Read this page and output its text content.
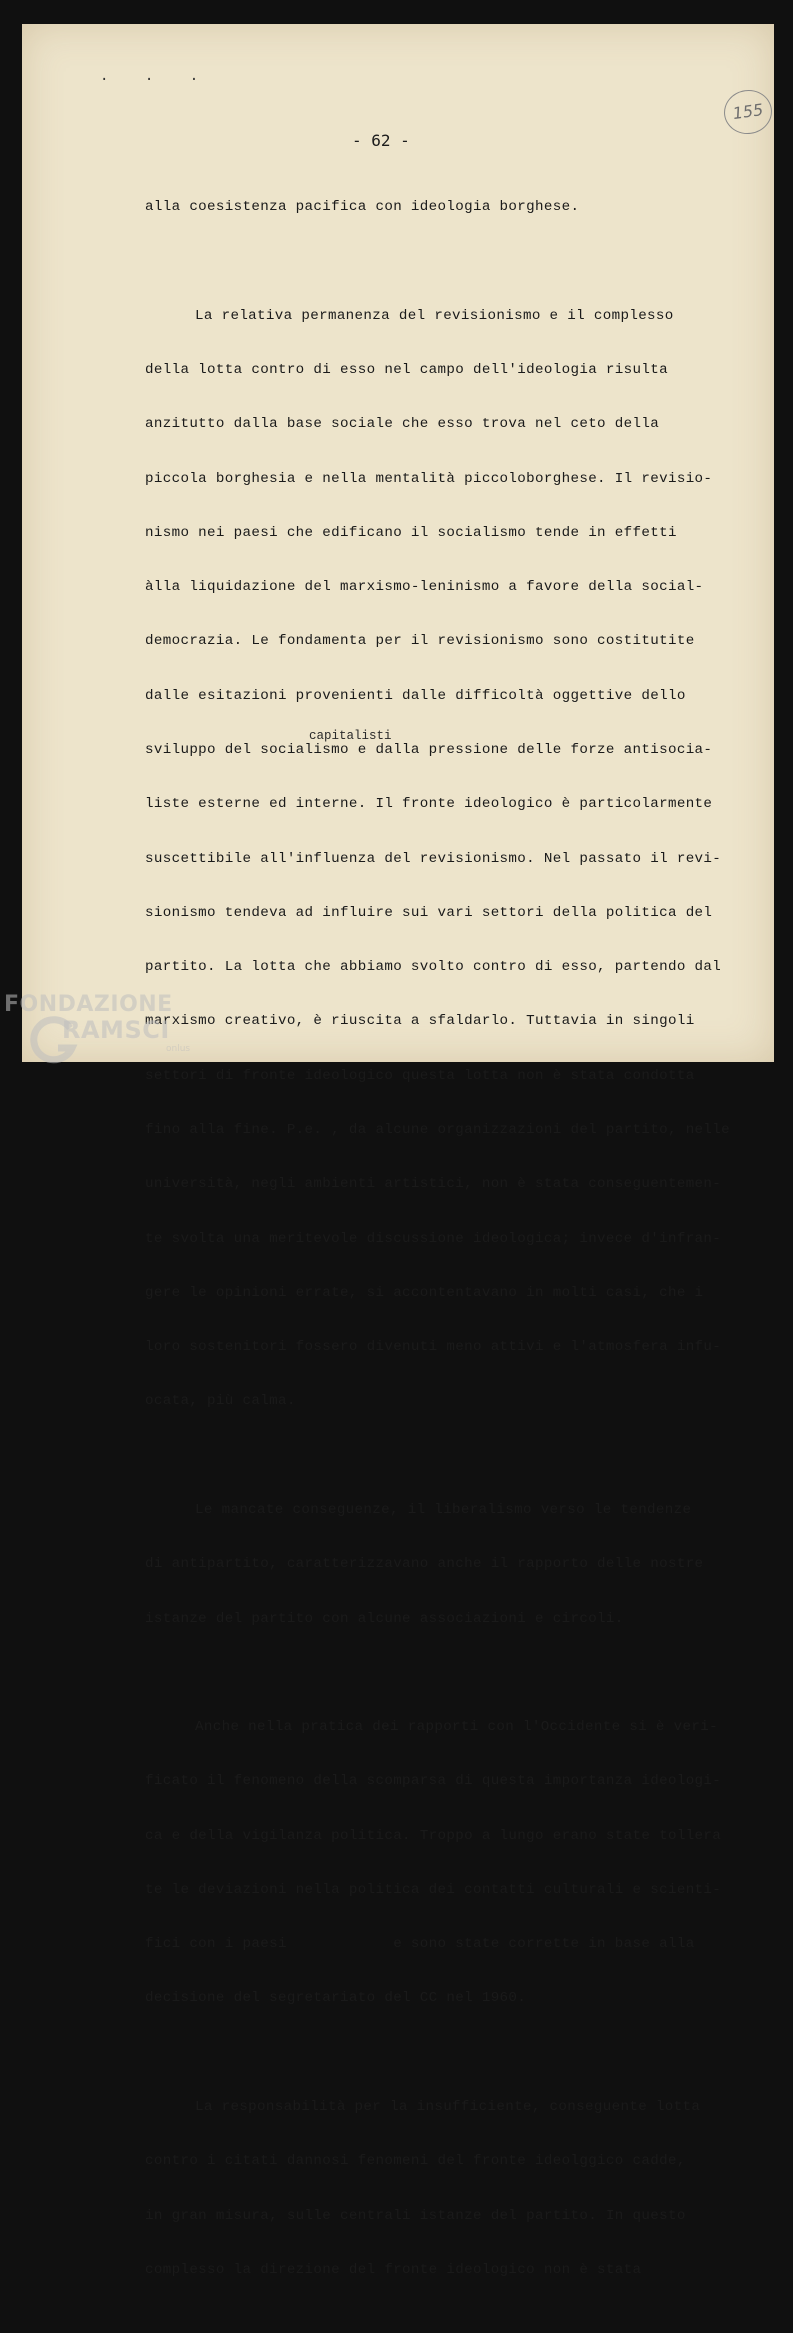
. . .
155
- 62 -

alla coesistenza pacifica con ideologia borghese.

La relativa permanenza del revisionismo e il complesso

della lotta contro di esso nel campo dell'ideologia risulta

anzitutto dalla base sociale che esso trova nel ceto della

piccola borghesia e nella mentalità piccoloborghese. Il revisio-

nismo nei paesi che edificano il socialismo tende in effetti

àlla liquidazione del marxismo-leninismo a favore della social-

democrazia. Le fondamenta per il revisionismo sono costitutite

dalle esitazioni provenienti dalle difficoltà oggettive dello

sviluppo del socialismo e dalla pressione delle forze antisocia-

liste esterne ed interne. Il fronte ideologico è particolarmente

suscettibile all'influenza del revisionismo. Nel passato il revi-

sionismo tendeva ad influire sui vari settori della politica del

partito. La lotta che abbiamo svolto contro di esso, partendo dal

marxismo creativo, è riuscita a sfaldarlo. Tuttavia in singoli

settori di fronte ideologico questa lotta non è stata condotta

fino alla fine. P.e. , da alcune organizzazioni del partito, nelle

università, negli ambienti artistici, non è stata conseguentemen-

te svolta una meritevole discussione ideologica; invece d'infran-

gere le opinioni errate, si accontentavano in molti casi, che i

loro sostenitori fossero divenuti meno attivi e l'atmosfera infu-

ocata, più calma.

Le mancate conseguenze, il liberalismo verso le tendenze

di antipartito, caratterizzavano anche il rapporto delle nostre

istanze del partito con alcune associazioni e circoli.

Anche nella pratica dei rapporti con l'Occidente si è veri-

ficato il fenomeno della scomparsa di questa importanza ideologi-

ca e della vigilanza politica. Troppo a lungo erano state tollera

te le deviazioni nella politica dei contatti culturali e scienti-

fici con i paesi            e sono state corrette in base alla

decisione del segretariato del CC nel 1960.

La responsabilità per la insufficiente, conseguente lotta

contro i citati dannosi fenomeni del fronte ideolggico cadde,

in gran misura, sulle centrali istanze del partito. In questo

complesso la direzione del fronte ideologico non è stata

capitalisti
FONDAZIONE
RAMSCI
onlus
